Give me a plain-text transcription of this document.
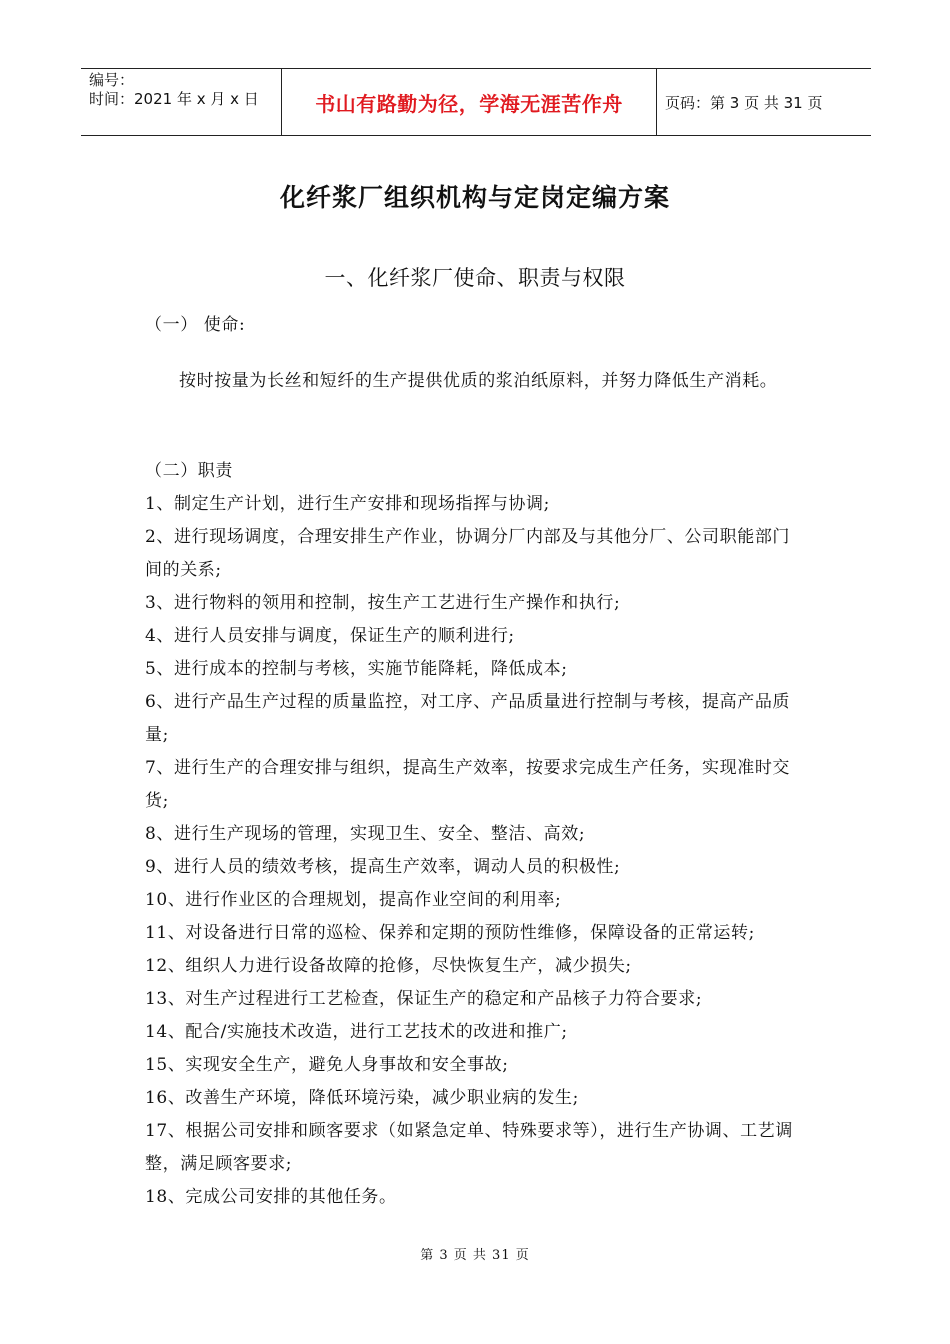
编号：
时间：2021 年 x 月 x 日	书山有路勤为径，学海无涯苦作舟	页码：第 3 页 共 31 页
化纤浆厂组织机构与定岗定编方案
一、化纤浆厂使命、职责与权限
（一） 使命:
按时按量为长丝和短纤的生产提供优质的浆泊纸原料，并努力降低生产消耗。
（二）职责

1、制定生产计划，进行生产安排和现场指挥与协调;

2、进行现场调度，合理安排生产作业，协调分厂内部及与其他分厂、公司职能部门间的关系;

3、进行物料的领用和控制，按生产工艺进行生产操作和执行;

4、进行人员安排与调度，保证生产的顺利进行;

5、进行成本的控制与考核，实施节能降耗，降低成本;

6、进行产品生产过程的质量监控，对工序、产品质量进行控制与考核，提高产品质量;

7、进行生产的合理安排与组织，提高生产效率，按要求完成生产任务，实现准时交货;

8、进行生产现场的管理，实现卫生、安全、整洁、高效;

9、进行人员的绩效考核，提高生产效率，调动人员的积极性;

10、进行作业区的合理规划，提高作业空间的利用率;

11、对设备进行日常的巡检、保养和定期的预防性维修，保障设备的正常运转;

12、组织人力进行设备故障的抢修，尽快恢复生产，减少损失;

13、对生产过程进行工艺检查，保证生产的稳定和产品核子力符合要求;

14、配合/实施技术改造，进行工艺技术的改进和推广;

15、实现安全生产，避免人身事故和安全事故;

16、改善生产环境，降低环境污染，减少职业病的发生;

17、根据公司安排和顾客要求（如紧急定单、特殊要求等），进行生产协调、工艺调整，满足顾客要求;

18、完成公司安排的其他任务。

第 3 页 共 31 页
